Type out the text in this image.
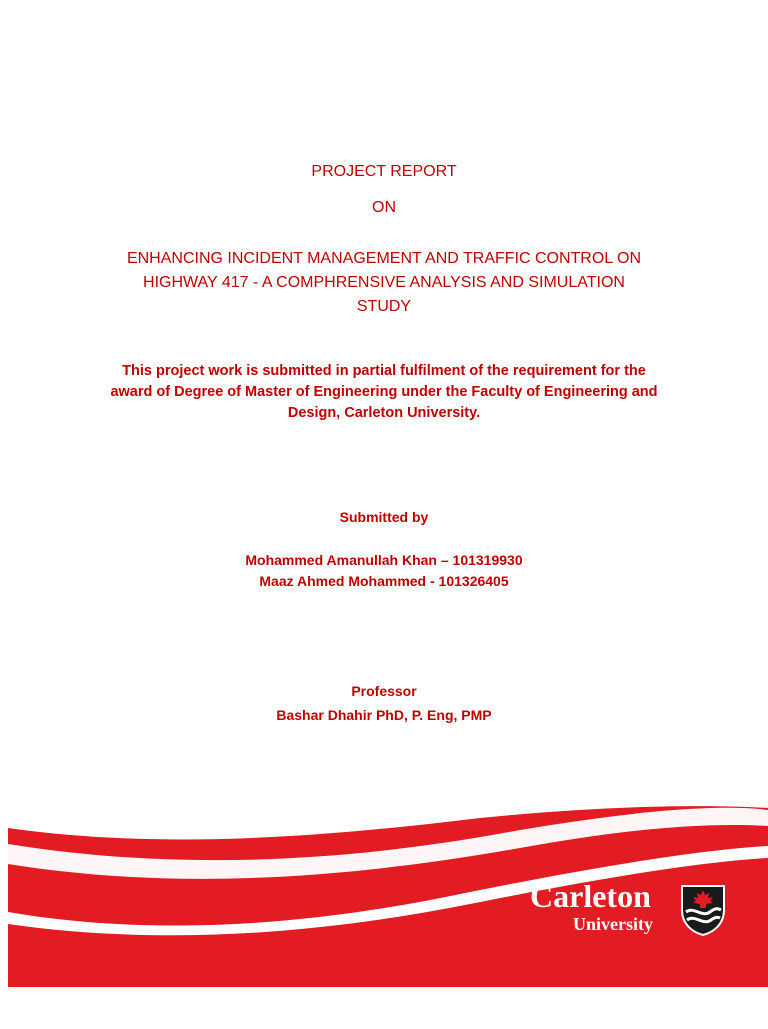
PROJECT REPORT
ON
ENHANCING INCIDENT MANAGEMENT AND TRAFFIC CONTROL ON
HIGHWAY 417 - A COMPHRENSIVE ANALYSIS AND SIMULATION
STUDY
This project work is submitted in partial fulfilment of the requirement for the
award of Degree of Master of Engineering under the Faculty of Engineering and
Design, Carleton University.
Submitted by
Mohammed Amanullah Khan – 101319930
Maaz Ahmed Mohammed - 101326405
Professor
Bashar Dhahir PhD, P. Eng, PMP
Carleton
University
